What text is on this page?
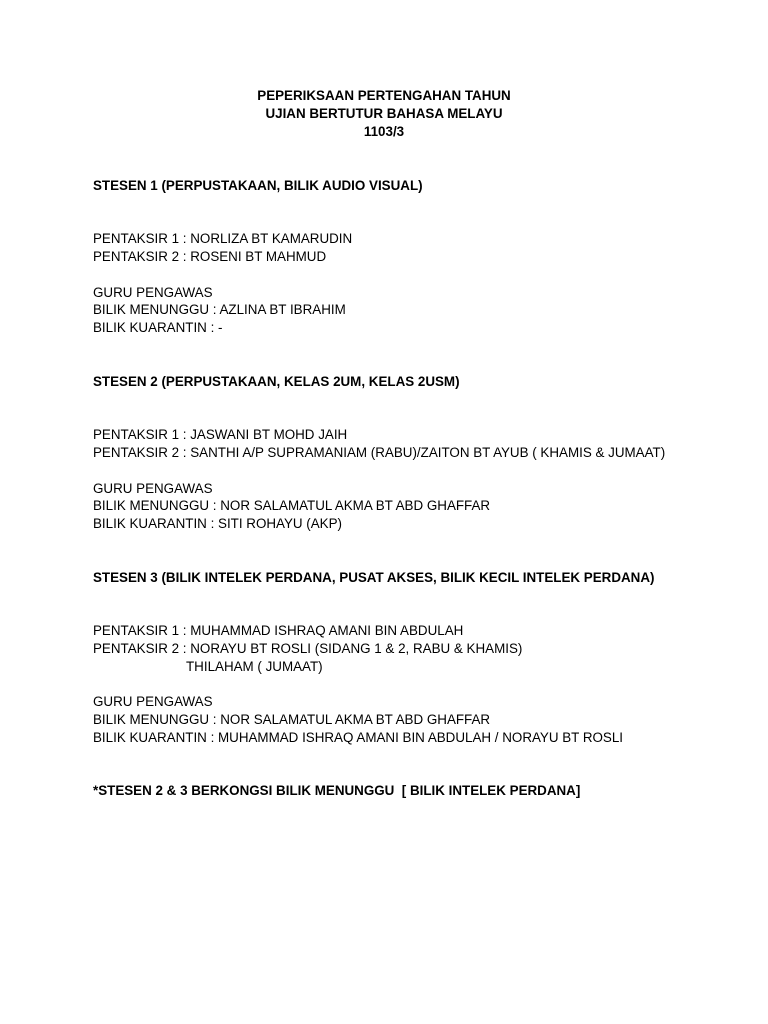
PEPERIKSAAN PERTENGAHAN TAHUN
UJIAN BERTUTUR BAHASA MELAYU
1103/3
STESEN 1 (PERPUSTAKAAN, BILIK AUDIO VISUAL)
PENTAKSIR 1 : NORLIZA BT KAMARUDIN
PENTAKSIR 2 : ROSENI BT MAHMUD
GURU PENGAWAS
BILIK MENUNGGU : AZLINA BT IBRAHIM
BILIK KUARANTIN : -
STESEN 2 (PERPUSTAKAAN, KELAS 2UM, KELAS 2USM)
PENTAKSIR 1 : JASWANI BT MOHD JAIH
PENTAKSIR 2 : SANTHI A/P SUPRAMANIAM (RABU)/ZAITON BT AYUB ( KHAMIS & JUMAAT)
GURU PENGAWAS
BILIK MENUNGGU : NOR SALAMATUL AKMA BT ABD GHAFFAR
BILIK KUARANTIN : SITI ROHAYU (AKP)
STESEN 3 (BILIK INTELEK PERDANA, PUSAT AKSES, BILIK KECIL INTELEK PERDANA)
PENTAKSIR 1 : MUHAMMAD ISHRAQ AMANI BIN ABDULAH
PENTAKSIR 2 : NORAYU BT ROSLI (SIDANG 1 & 2, RABU & KHAMIS)
THILAHAM ( JUMAAT)
GURU PENGAWAS
BILIK MENUNGGU : NOR SALAMATUL AKMA BT ABD GHAFFAR
BILIK KUARANTIN : MUHAMMAD ISHRAQ AMANI BIN ABDULAH / NORAYU BT ROSLI
*STESEN 2 & 3 BERKONGSI BILIK MENUNGGU  [ BILIK INTELEK PERDANA]
